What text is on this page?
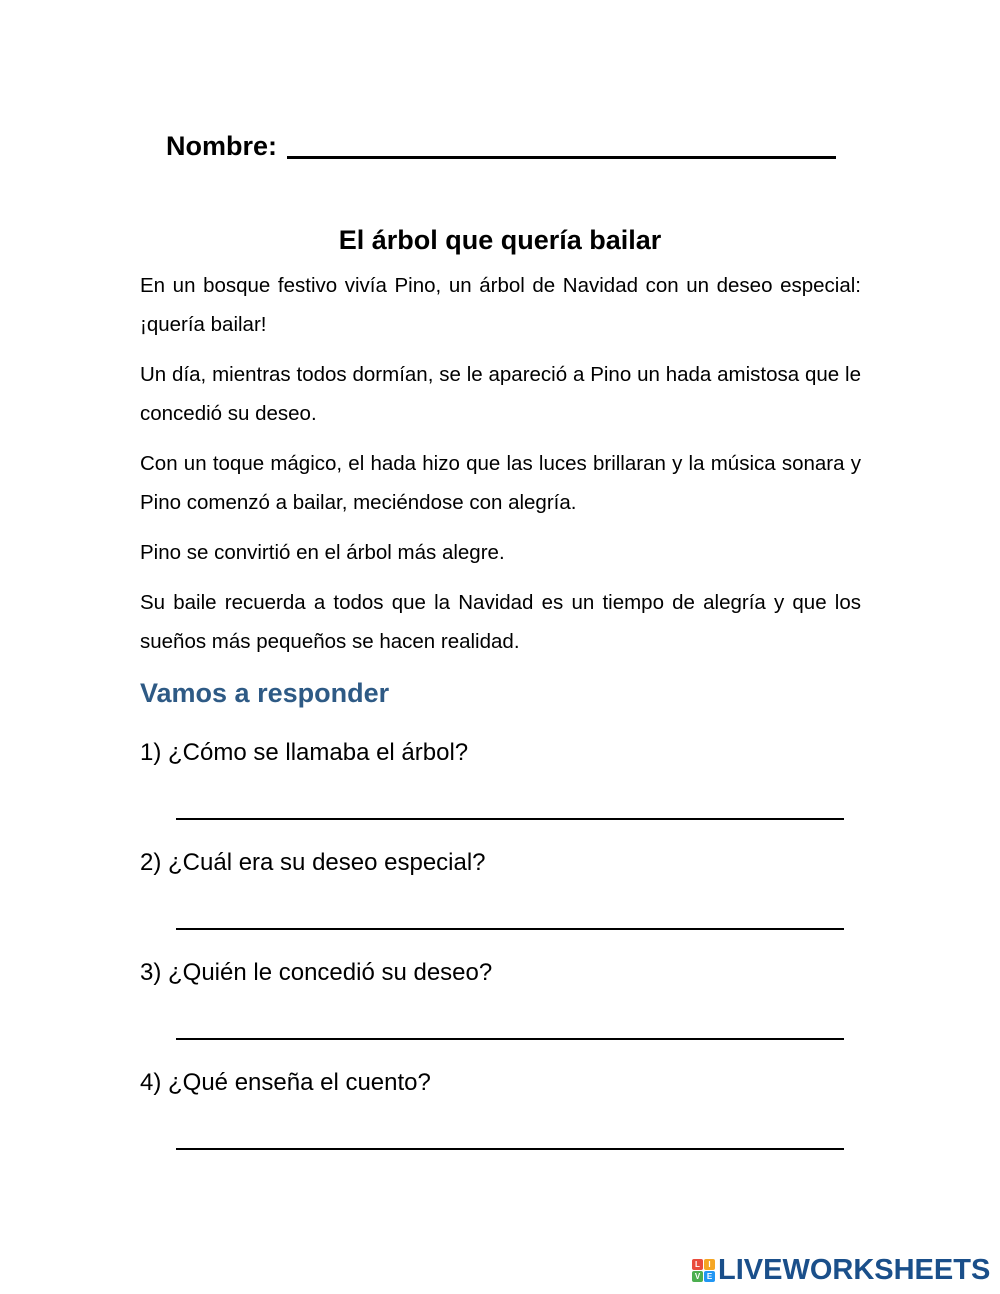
Nombre:
El árbol que quería bailar

En un bosque festivo vivía Pino, un árbol de Navidad con un deseo especial: ¡quería bailar!

Un día, mientras todos dormían, se le apareció a Pino un hada amistosa que le concedió su deseo.

Con un toque mágico, el hada hizo que las luces brillaran y la música sonara y Pino comenzó a bailar, meciéndose con alegría.

Pino se convirtió en el árbol más alegre.

Su baile recuerda a todos que la Navidad es un tiempo de alegría y que los sueños más pequeños se hacen realidad.

Vamos a responder
1) ¿Cómo se llamaba el árbol?
2) ¿Cuál era su deseo especial?
3) ¿Quién le concedió su deseo?
4) ¿Qué enseña el cuento?
L	I
V E LIVEWORKSHEETS
